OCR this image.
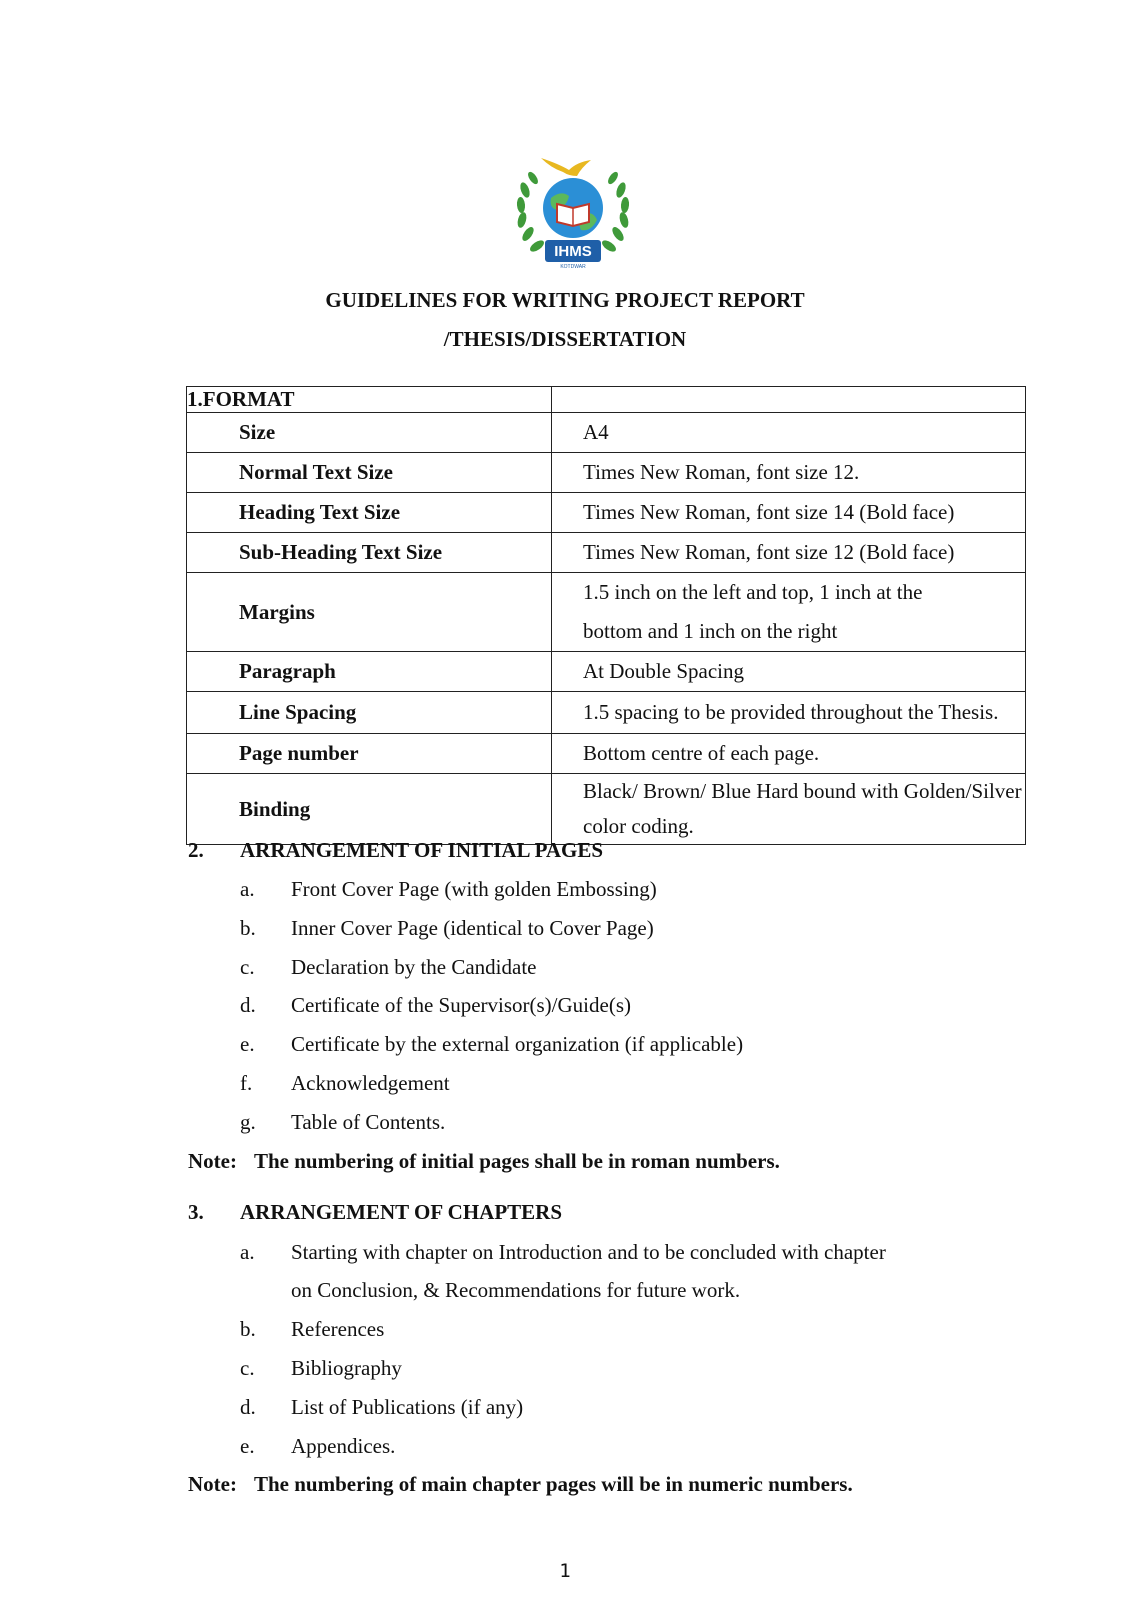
IHMS
KOTDWAR
GUIDELINES FOR WRITING PROJECT REPORT
/THESIS/DISSERTATION
1.FORMAT	
Size	A4
Normal Text Size	Times New Roman, font size 12.
Heading Text Size	Times New Roman, font size 14 (Bold face)
Sub-Heading Text Size	Times New Roman, font size 12 (Bold face)
Margins	1.5 inch on the left and top, 1 inch at the
bottom and 1 inch on the right

Paragraph	At Double Spacing
Line Spacing	1.5 spacing to be provided throughout the Thesis.
Page number	Bottom centre of each page.
Binding	Black/ Brown/ Blue Hard bound with Golden/Silver
color coding.
2. ARRANGEMENT OF INITIAL PAGES
a. Front Cover Page (with golden Embossing)
b. Inner Cover Page (identical to Cover Page)
c. Declaration by the Candidate
d. Certificate of the Supervisor(s)/Guide(s)
e. Certificate by the external organization (if applicable)
f. Acknowledgement
g. Table of Contents.
Note: The numbering of initial pages shall be in roman numbers.
3. ARRANGEMENT OF CHAPTERS
a. Starting with chapter on Introduction and to be concluded with chapter
on Conclusion, & Recommendations for future work.
b. References
c. Bibliography
d. List of Publications (if any)
e. Appendices.
Note: The numbering of main chapter pages will be in numeric numbers.
1
